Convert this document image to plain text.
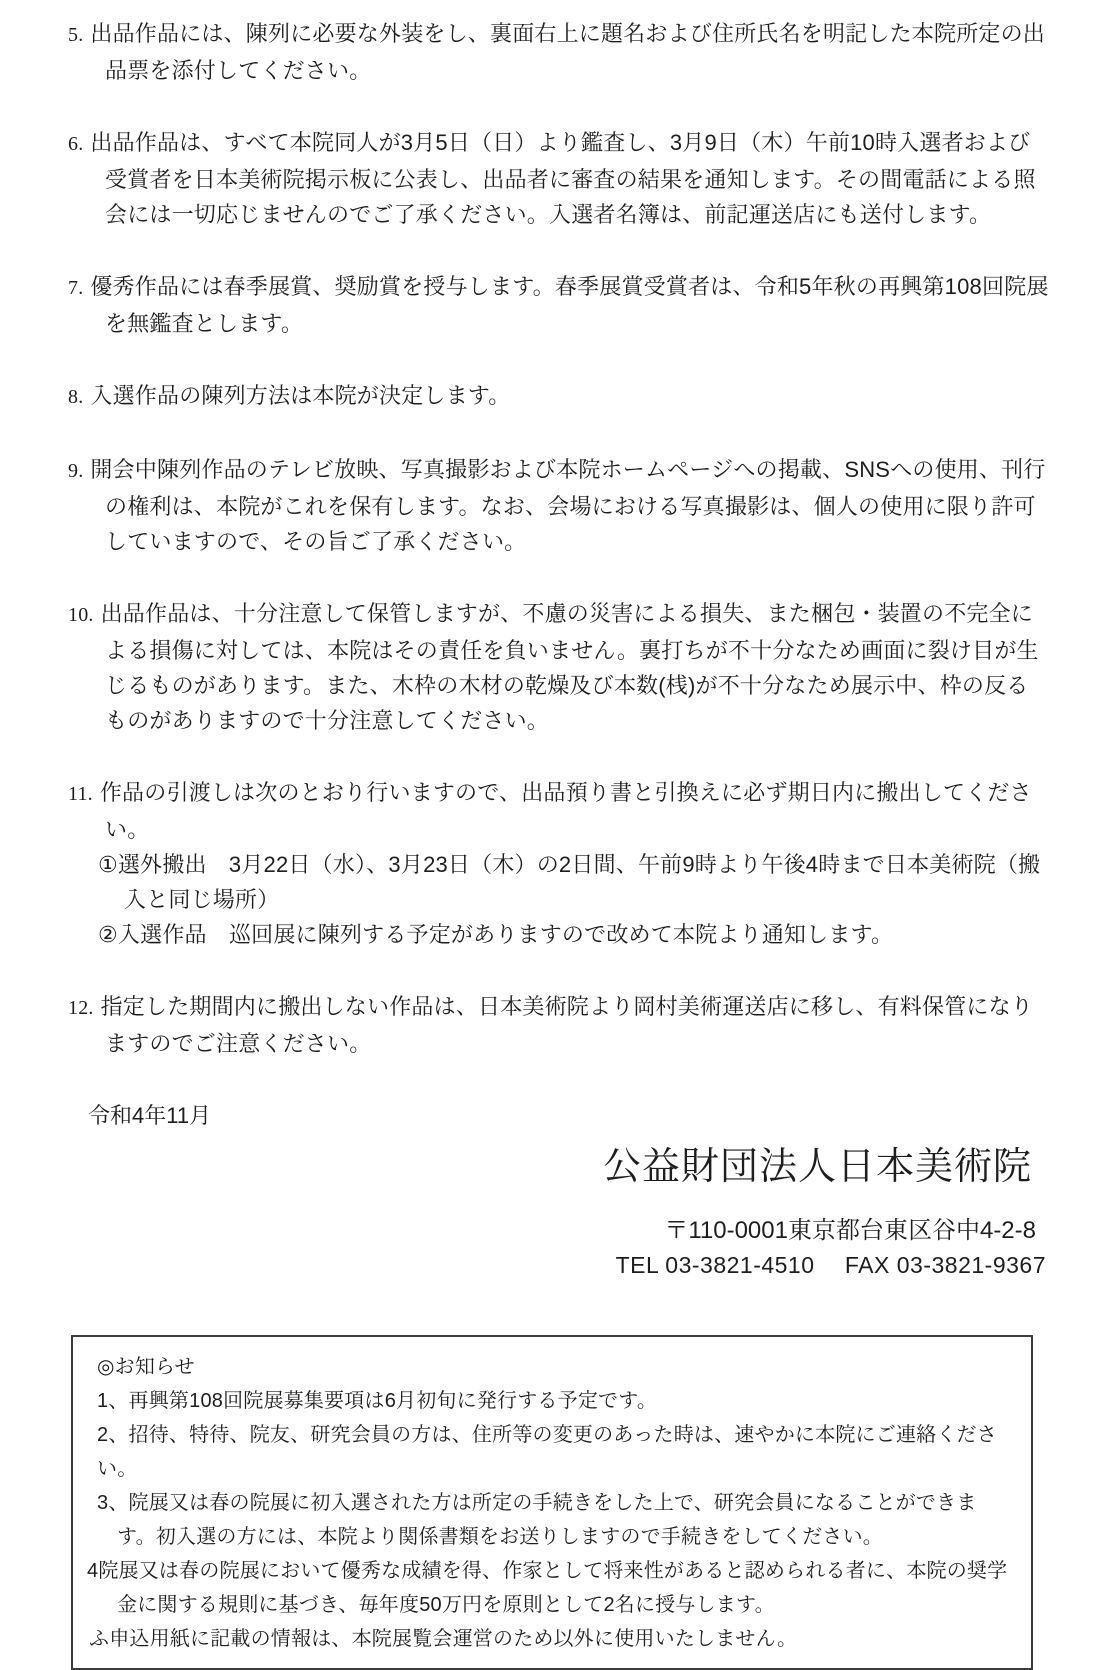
5. 出品作品には、陳列に必要な外装をし、裏面右上に題名および住所氏名を明記した本院所定の出品票を添付してください。
6. 出品作品は、すべて本院同人が3月5日（日）より鑑査し、3月9日（木）午前10時入選者および受賞者を日本美術院掲示板に公表し、出品者に審査の結果を通知します。その間電話による照会には一切応じませんのでご了承ください。入選者名簿は、前記運送店にも送付します。
7. 優秀作品には春季展賞、奨励賞を授与します。春季展賞受賞者は、令和5年秋の再興第108回院展を無鑑査とします。
8. 入選作品の陳列方法は本院が決定します。
9. 開会中陳列作品のテレビ放映、写真撮影および本院ホームページへの掲載、SNSへの使用、刊行の権利は、本院がこれを保有します。なお、会場における写真撮影は、個人の使用に限り許可していますので、その旨ご了承ください。
10. 出品作品は、十分注意して保管しますが、不慮の災害による損失、また梱包・装置の不完全による損傷に対しては、本院はその責任を負いません。裏打ちが不十分なため画面に裂け目が生じるものがあります。また、木枠の木材の乾燥及び本数(桟)が不十分なため展示中、枠の反るものがありますので十分注意してください。
11. 作品の引渡しは次のとおり行いますので、出品預り書と引換えに必ず期日内に搬出してください。
①選外搬出　3月22日（水）、3月23日（木）の2日間、午前9時より午後4時まで日本美術院（搬入と同じ場所）
②入選作品　巡回展に陳列する予定がありますので改めて本院より通知します。
12. 指定した期間内に搬出しない作品は、日本美術院より岡村美術運送店に移し、有料保管になりますのでご注意ください。
令和4年11月
公益財団法人日本美術院
〒110-0001東京都台東区谷中4-2-8
TEL 03-3821-4510　 FAX 03-3821-9367
◎お知らせ
1、再興第108回院展募集要項は6月初旬に発行する予定です。
2、招待、特待、院友、研究会員の方は、住所等の変更のあった時は、速やかに本院にご連絡ください。
3、院展又は春の院展に初入選された方は所定の手続きをした上で、研究会員になることができます。初入選の方には、本院より関係書類をお送りしますので手続きをしてください。
4院展又は春の院展において優秀な成績を得、作家として将来性があると認められる者に、本院の奨学金に関する規則に基づき、毎年度50万円を原則として2名に授与します。
ふ申込用紙に記載の情報は、本院展覧会運営のため以外に使用いたしません。
